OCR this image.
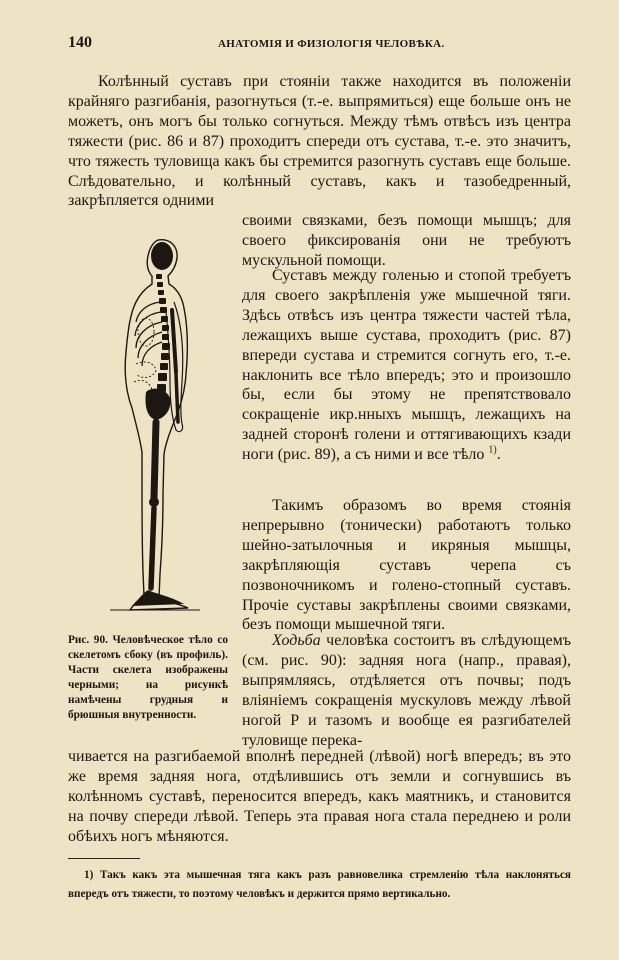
140	АНАТОМІЯ И ФИЗІОЛОГІЯ ЧЕЛОВѢКА.

Колѣнный суставъ при стояніи также находится въ положеніи крайняго разгибанія, разогнуться (т.-е. выпрямиться) еще больше онъ не можетъ, онъ могъ бы только согнуться. Между тѣмъ отвѣсъ изъ центра тяжести (рис. 86 и 87) проходитъ спереди отъ сустава, т.-е. это значитъ, что тяжесть туловища какъ бы стремится разогнуть суставъ еще больше. Слѣдовательно, и колѣнный суставъ, какъ и тазобедренный, закрѣпляется одними

своими связками, безъ помощи мышцъ; для своего фиксированія они не требуютъ мускульной помощи.

Суставъ между голенью и стопой требуетъ для своего закрѣпленія уже мышечной тяги. Здѣсь отвѣсъ изъ центра тяжести частей тѣла, лежащихъ выше сустава, проходитъ (рис. 87) впереди сустава и стремится согнуть его, т.-е. наклонить все тѣло впередъ; это и произошло бы, если бы этому не препятствовало сокращеніе икр.нныхъ мышцъ, лежащихъ на задней сторонѣ голени и оттягивающихъ кзади ноги (рис. 89), а съ ними и все тѣло $^{1)}$.

Такимъ образомъ во время стоянія непрерывно (тонически) работаютъ только шейно-затылочныя и икряныя мышцы, закрѣпляющія суставъ черепа съ позвоночникомъ и голено-стопный суставъ. Прочіе суставы закрѣплены своими связками, безъ помощи мышечной тяги.

Ходьба человѣка состоитъ въ слѣдующемъ (см. рис. 90): задняя нога (напр., правая), выпрямляясь, отдѣляется отъ почвы; подъ вліяніемъ сокращенія мускуловъ между лѣвой ногой Р и тазомъ и вообще ея разгибателей туловище перека-

чивается на разгибаемой вполнѣ передней (лѣвой) ногѣ впередъ; въ это же время задняя нога, отдѣлившись отъ земли и согнувшись въ колѣнномъ суставѣ, переносится впередъ, какъ маятникъ, и становится на почву спереди лѣвой. Теперь эта правая нога стала переднею и роли обѣихъ ногъ мѣняются.

Рис. 90. Человѣческое тѣло со скелетомъ сбоку (въ профиль). Части скелета изображены черными; на рисункѣ намѣчены грудныя и брюшныя внутренности.
1) Такъ какъ эта мышечная тяга какъ разъ равновелика стремленію тѣла наклоняться впередъ отъ тяжести, то поэтому человѣкъ и держится прямо вертикально.
